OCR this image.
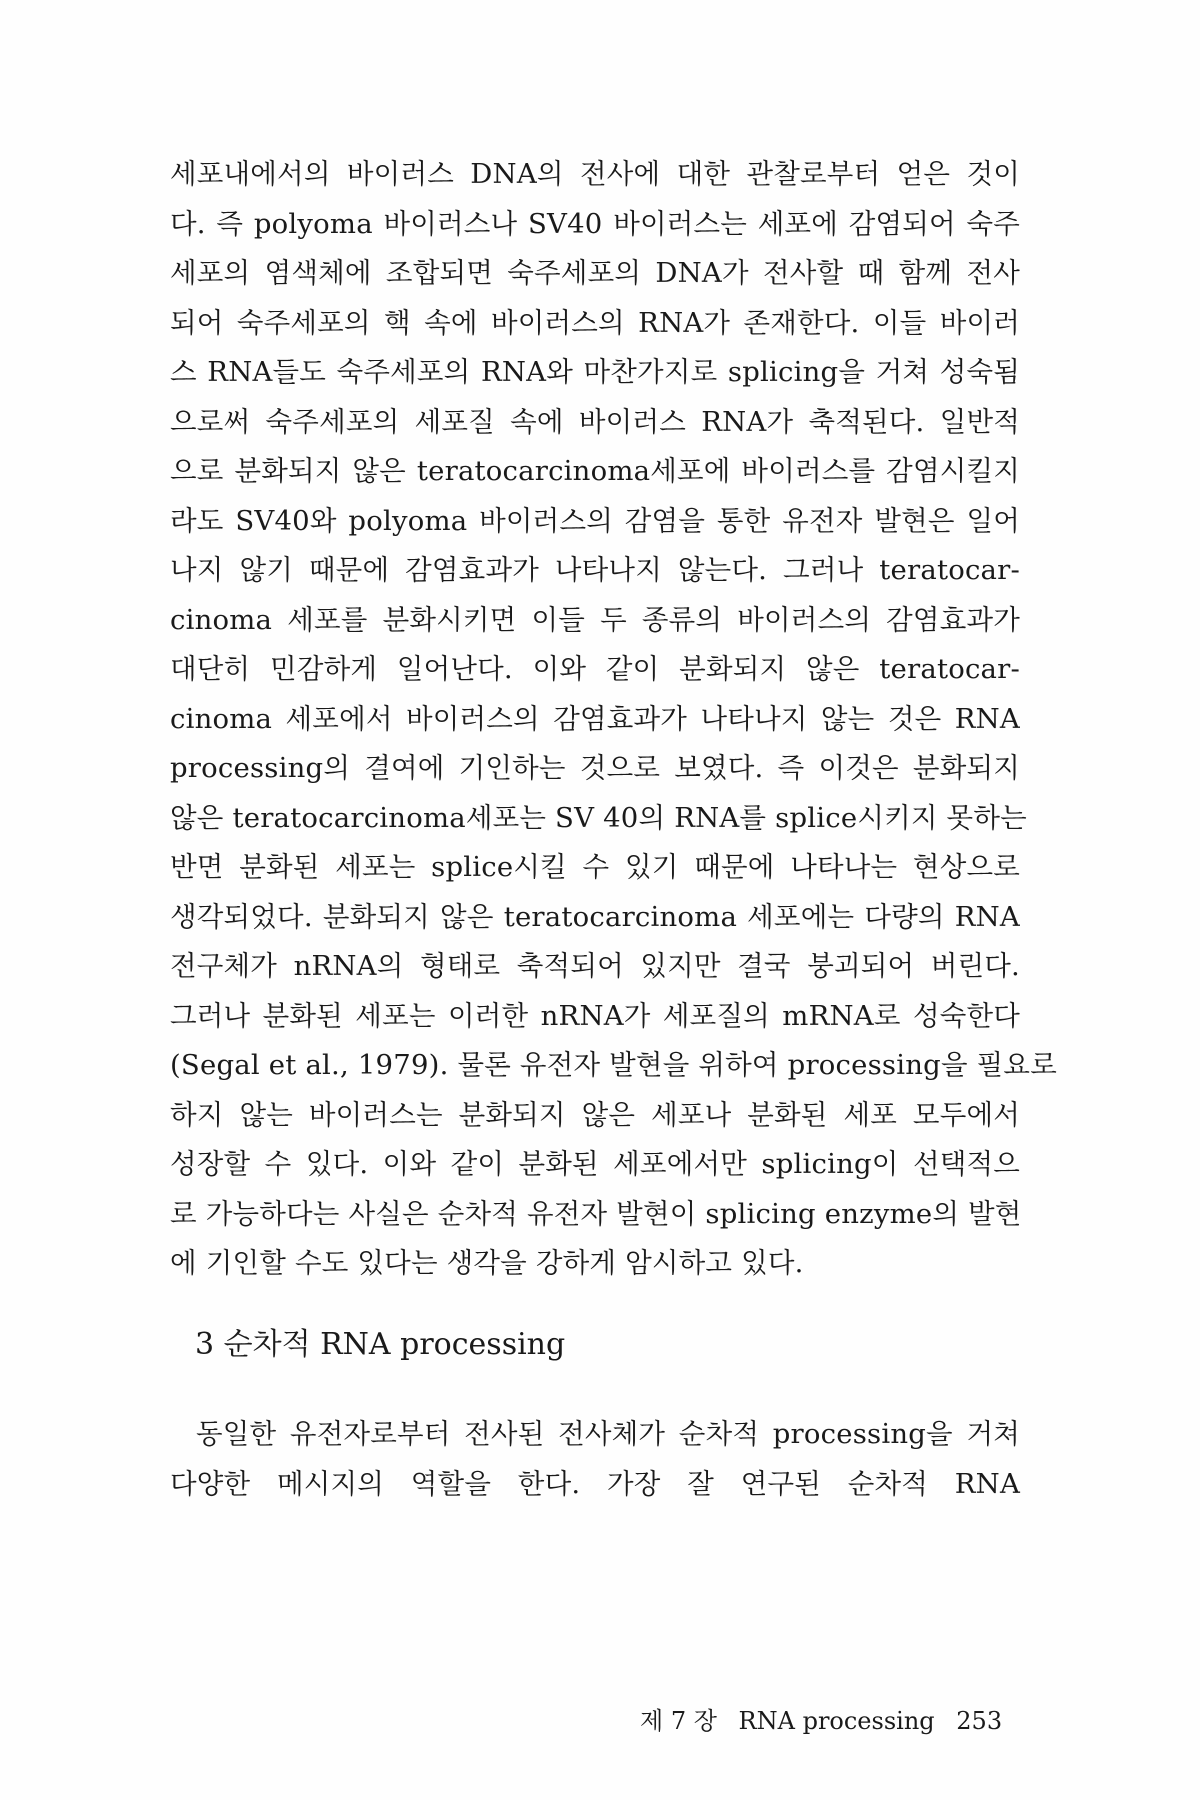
세포내에서의 바이러스 DNA의 전사에 대한 관찰로부터 얻은 것이
다. 즉 polyoma 바이러스나 SV40 바이러스는 세포에 감염되어 숙주
세포의 염색체에 조합되면 숙주세포의 DNA가 전사할 때 함께 전사
되어 숙주세포의 핵 속에 바이러스의 RNA가 존재한다. 이들 바이러
스 RNA들도 숙주세포의 RNA와 마찬가지로 splicing을 거쳐 성숙됨
으로써 숙주세포의 세포질 속에 바이러스 RNA가 축적된다. 일반적
으로 분화되지 않은 teratocarcinoma세포에 바이러스를 감염시킬지
라도 SV40와 polyoma 바이러스의 감염을 통한 유전자 발현은 일어
나지 않기 때문에 감염효과가 나타나지 않는다. 그러나 teratocar-
cinoma 세포를 분화시키면 이들 두 종류의 바이러스의 감염효과가
대단히 민감하게 일어난다. 이와 같이 분화되지 않은 teratocar-
cinoma 세포에서 바이러스의 감염효과가 나타나지 않는 것은 RNA
processing의 결여에 기인하는 것으로 보였다. 즉 이것은 분화되지
않은 teratocarcinoma세포는 SV 40의 RNA를 splice시키지 못하는
반면 분화된 세포는 splice시킬 수 있기 때문에 나타나는 현상으로
생각되었다. 분화되지 않은 teratocarcinoma 세포에는 다량의 RNA
전구체가 nRNA의 형태로 축적되어 있지만 결국 붕괴되어 버린다.
그러나 분화된 세포는 이러한 nRNA가 세포질의 mRNA로 성숙한다
(Segal et al., 1979). 물론 유전자 발현을 위하여 processing을 필요로
하지 않는 바이러스는 분화되지 않은 세포나 분화된 세포 모두에서
성장할 수 있다. 이와 같이 분화된 세포에서만 splicing이 선택적으
로 가능하다는 사실은 순차적 유전자 발현이 splicing enzyme의 발현
에 기인할 수도 있다는 생각을 강하게 암시하고 있다.
3 순차적 RNA processing
동일한 유전자로부터 전사된 전사체가 순차적 processing을 거쳐
다양한 메시지의 역할을 한다. 가장 잘 연구된 순차적 RNA
제 7 장 RNA processing 253
